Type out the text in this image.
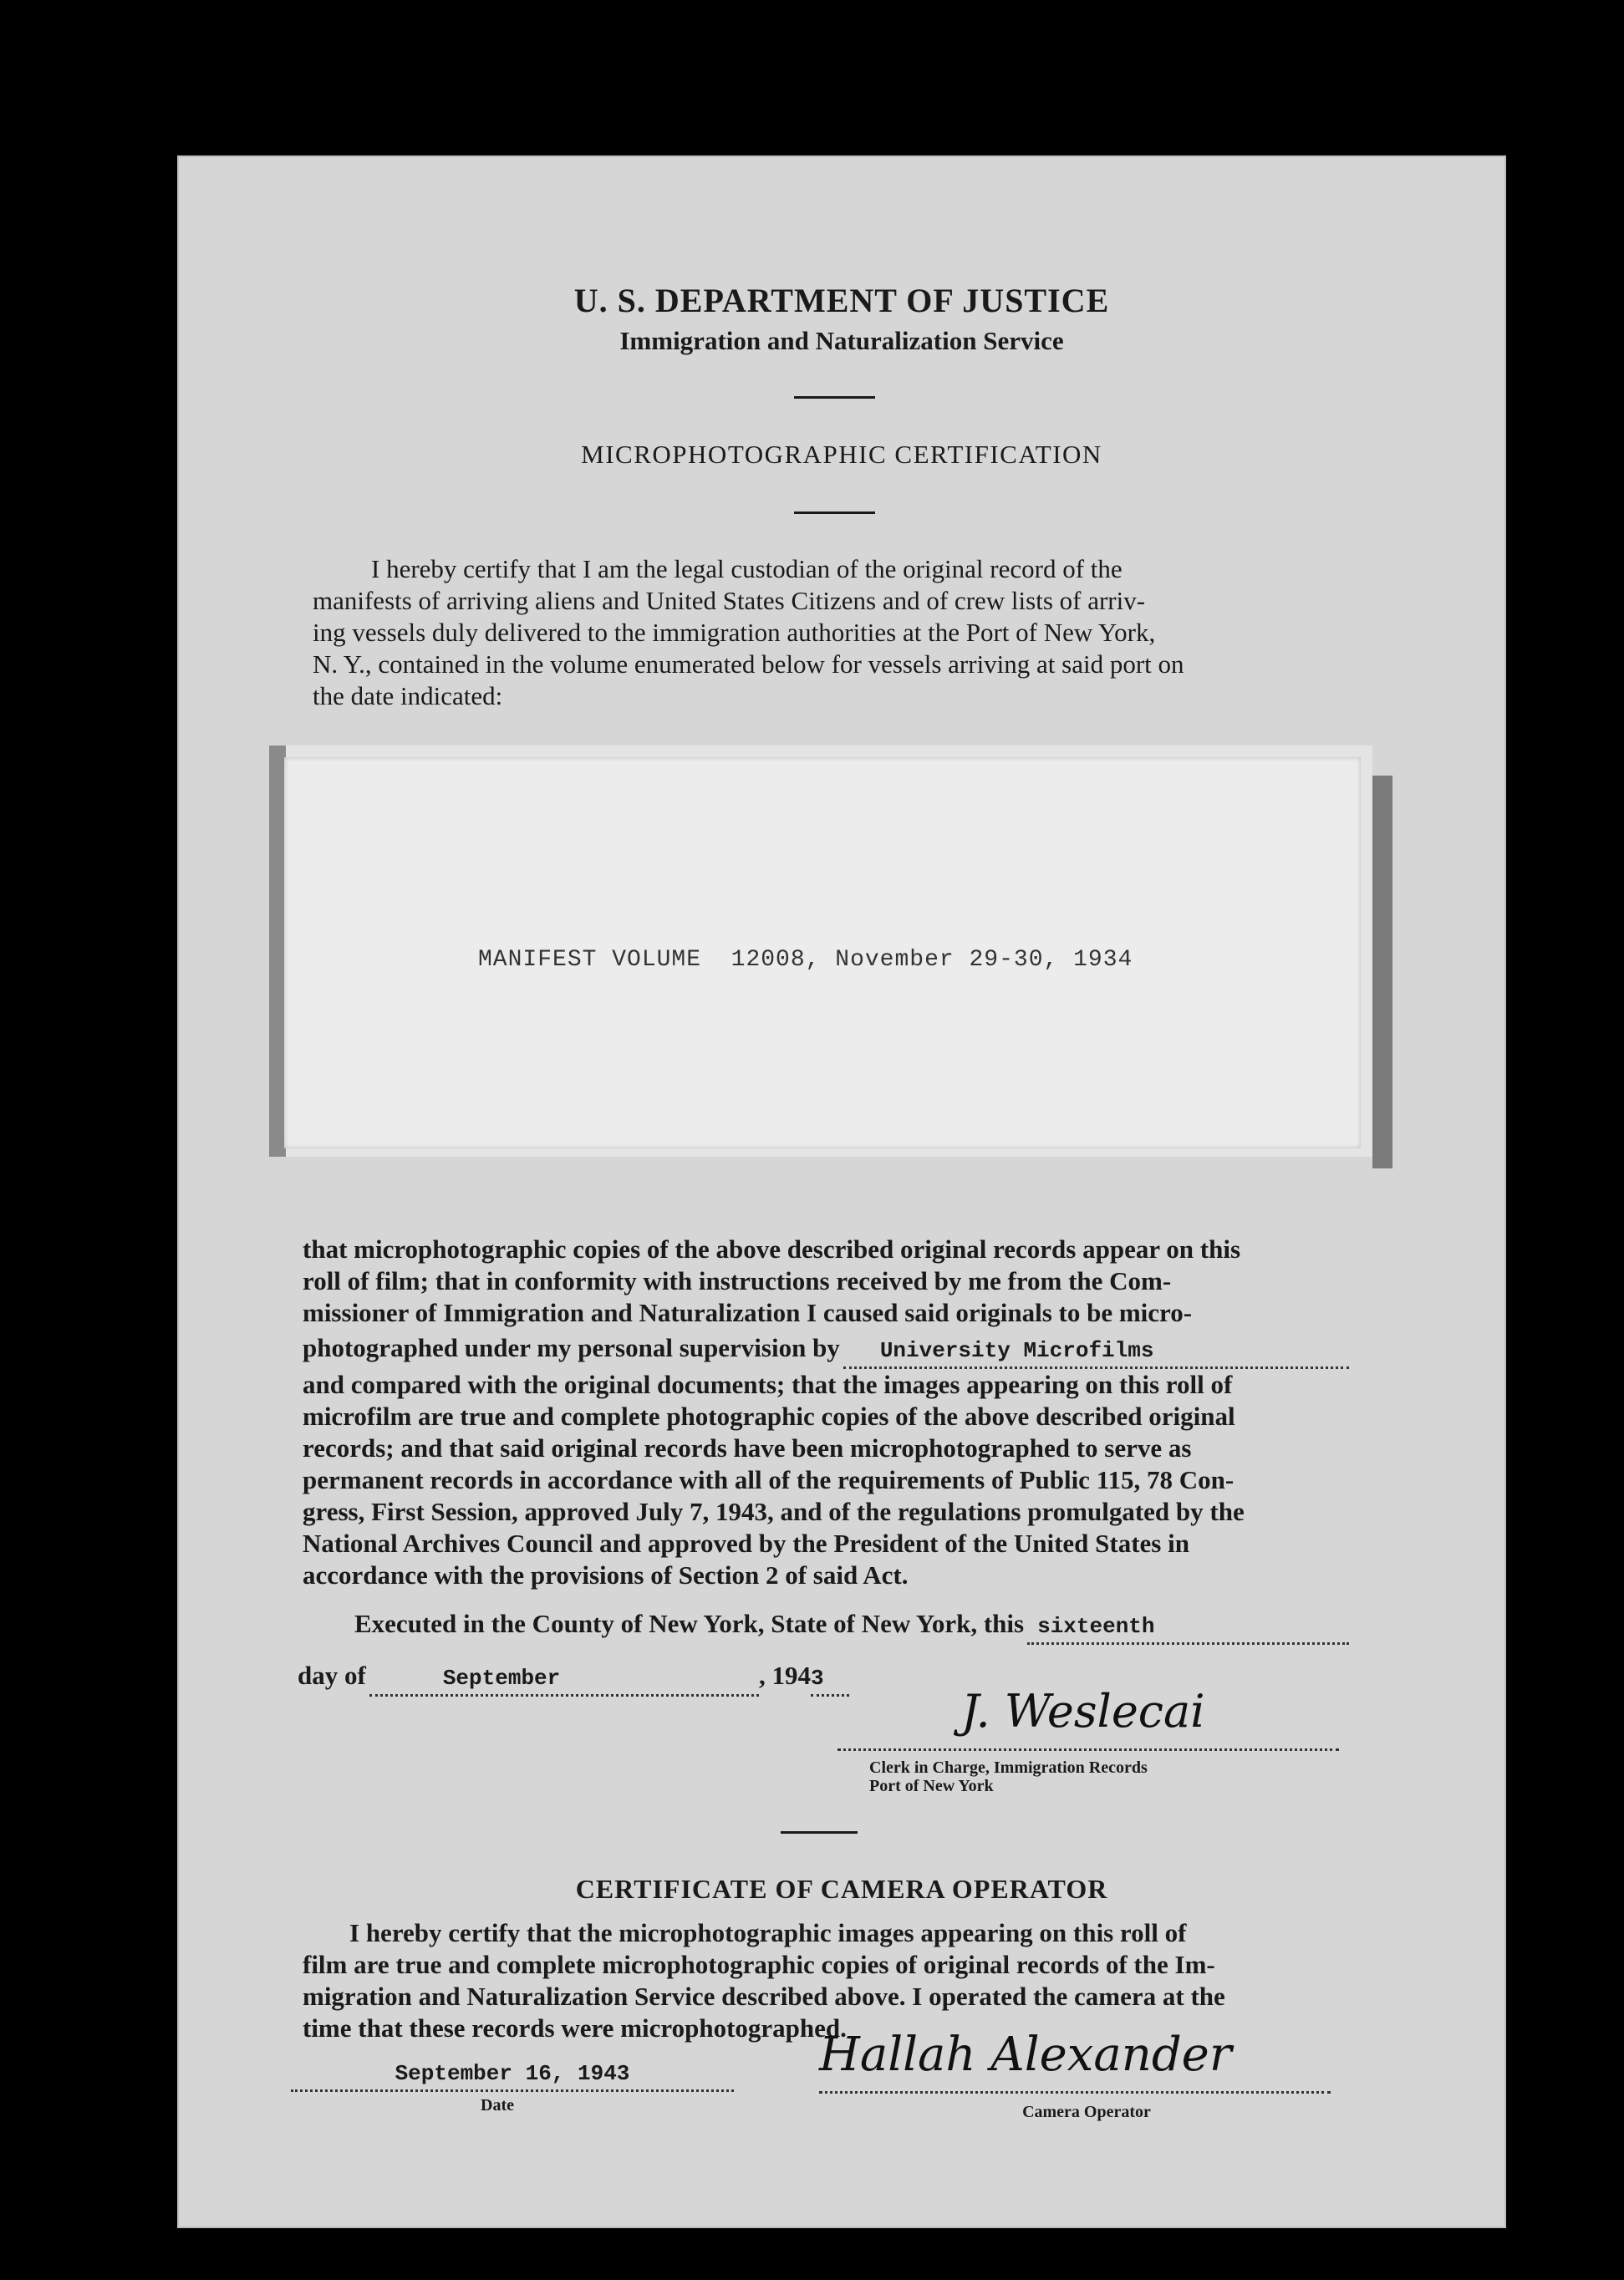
U. S. DEPARTMENT OF JUSTICE
Immigration and Naturalization Service
MICROPHOTOGRAPHIC CERTIFICATION
I hereby certify that I am the legal custodian of the original record of the
manifests of arriving aliens and United States Citizens and of crew lists of arriv-
ing vessels duly delivered to the immigration authorities at the Port of New York,
N. Y., contained in the volume enumerated below for vessels arriving at said port on
the date indicated:
MANIFEST VOLUME  12008, November 29-30, 1934
that microphotographic copies of the above described original records appear on this
roll of film; that in conformity with instructions received by me from the Com-
missioner of Immigration and Naturalization I caused said originals to be micro-
photographed under my personal supervision by	University Microfilms
and compared with the original documents; that the images appearing on this roll of
microfilm are true and complete photographic copies of the above described original
records; and that said original records have been microphotographed to serve as
permanent records in accordance with all of the requirements of Public 115, 78 Con-
gress, First Session, approved July 7, 1943, and of the regulations promulgated by the
National Archives Council and approved by the President of the United States in
accordance with the provisions of Section 2 of said Act.
Executed in the County of New York, State of New York, this sixteenth
day of	September	, 194 3
J. Weslecai
Clerk in Charge, Immigration Records
Port of New York
CERTIFICATE OF CAMERA OPERATOR
I hereby certify that the microphotographic images appearing on this roll of
film are true and complete microphotographic copies of original records of the Im-
migration and Naturalization Service described above. I operated the camera at the
time that these records were microphotographed.
September 16, 1943
Date
Hallah Alexander
Camera Operator
